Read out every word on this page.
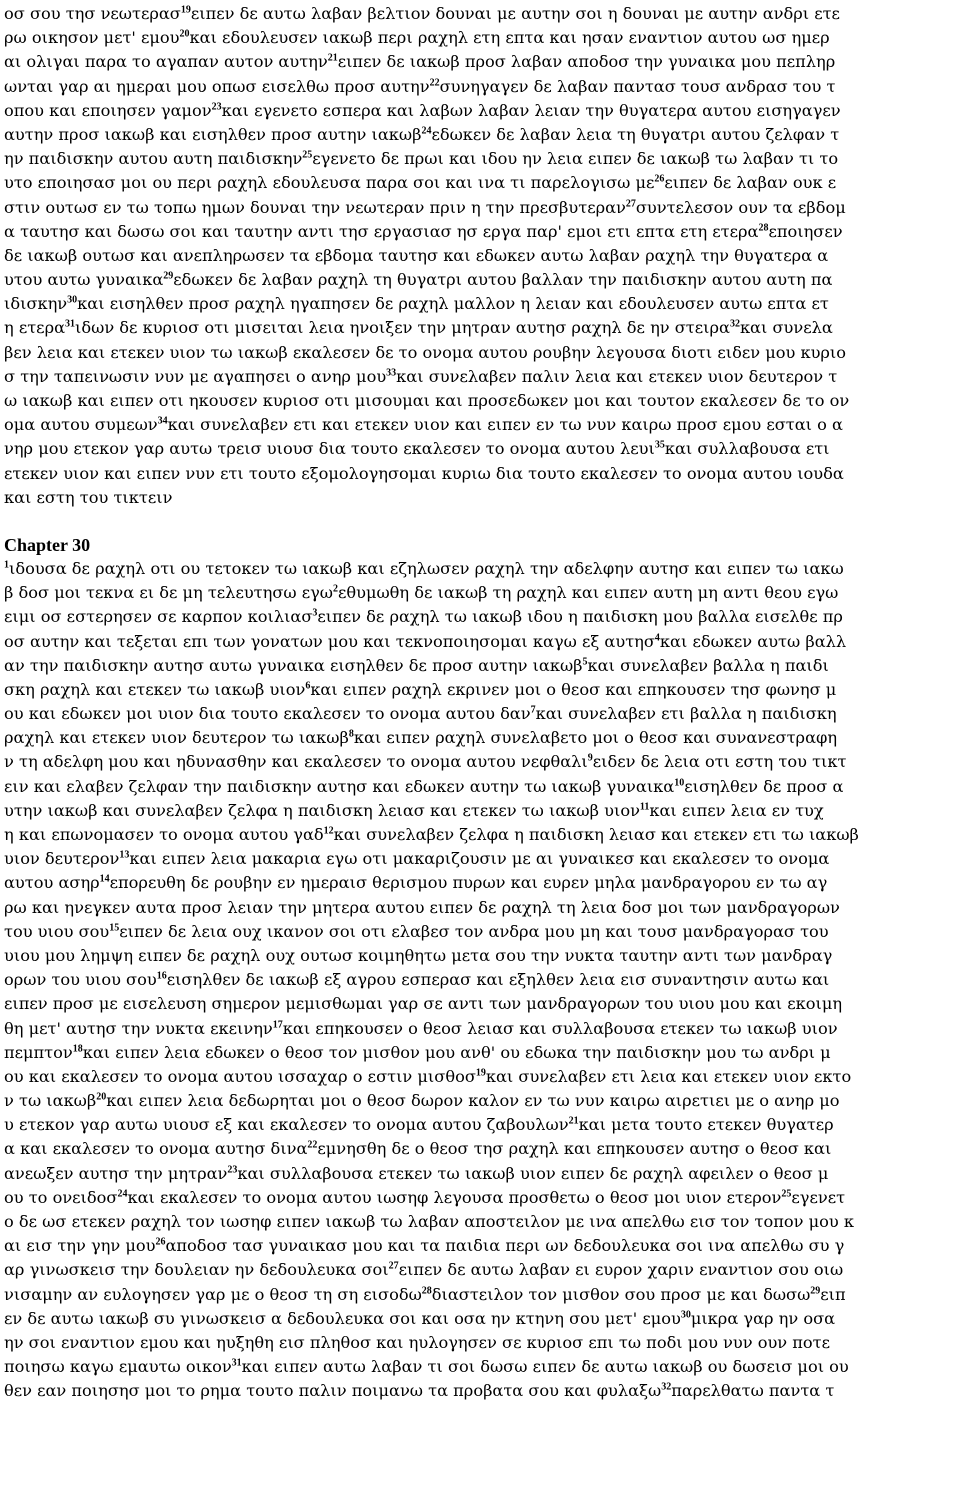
οσ σου τησ νεωτερασ$^{19}$ειπεν δε αυτω λαβαν βελτιον δουναι με αυτην σοι η δουναι με αυτην ανδρι ετε
ρω οικησον μετ' εμου$^{20}$και εδουλευσεν ιακωβ περι ραχηλ ετη επτα και ησαν εναντιον αυτου ωσ ημερ
αι ολιγαι παρα το αγαπαν αυτον αυτην$^{21}$ειπεν δε ιακωβ προσ λαβαν αποδοσ την γυναικα μου πεπληρ
ωνται γαρ αι ημεραι μου οπωσ εισελθω προσ αυτην$^{22}$συνηγαγεν δε λαβαν παντασ τουσ ανδρασ του τ
οπου και εποιησεν γαμον$^{23}$και εγενετο εσπερα και λαβων λαβαν λειαν την θυγατερα αυτου εισηγαγεν
αυτην προσ ιακωβ και εισηλθεν προσ αυτην ιακωβ$^{24}$εδωκεν δε λαβαν λεια τη θυγατρι αυτου ζελφαν τ
ην παιδισκην αυτου αυτη παιδισκην$^{25}$εγενετο δε πρωι και ιδου ην λεια ειπεν δε ιακωβ τω λαβαν τι το
υτο εποιησασ μοι ου περι ραχηλ εδουλευσα παρα σοι και ινα τι παρελογισω $\mu\varepsilon^{26}\varepsilon\iota\pi\varepsilon\nu$ δε λαβαν ουκ ε
στιν ουτωσ εν τω τοπω ημων δουναι την νεωτεραν πριν η την πρεσβυτεραν$^{27}$συντελεσον ουν τα εβδομ
α ταυτησ και δωσω σοι και ταυτην αντι τησ εργασιασ ησ εργα παρ' εμοι ετι επτα ετη ετερα$^{28}$εποιησεν
δε ιακωβ ουτωσ και ανεπληρωσεν τα εβδομα ταυτησ και εδωκεν αυτω λαβαν ραχηλ την θυγατερα α
υτου αυτω γυναικα$^{29}$εδωκεν δε λαβαν ραχηλ τη θυγατρι αυτου βαλλαν την παιδισκην αυτου αυτη πα
ιδισκην$^{30}$και εισηλθεν προσ ραχηλ ηγαπησεν δε ραχηλ μαλλον η λειαν και εδουλευσεν αυτω επτα ετ
η ετερα$^{31}$ιδων δε κυριοσ οτι μισειται λεια ηνοιξεν την μητραν αυτησ ραχηλ δε ην στειρα$^{32}$και συνελα
βεν λεια και ετεκεν υιον τω ιακωβ εκαλεσεν δε το ονομα αυτου ρουβην λεγουσα διοτι ειδεν μου κυριο
σ την ταπεινωσιν νυν με αγαπησει ο ανηρ μου$^{33}$και συνελαβεν παλιν λεια και ετεκεν υιον δευτερον τ
ω ιακωβ και ειπεν οτι ηκουσεν κυριοσ οτι μισουμαι και προσεδωκεν μοι και τουτον εκαλεσεν δε το ον
ομα αυτου συμεων$^{34}$και συνελαβεν ετι και ετεκεν υιον και ειπεν εν τω νυν καιρω προσ εμου εσται ο α
νηρ μου ετεκον γαρ αυτω τρεισ υιουσ δια τουτο εκαλεσεν το ονομα αυτου λευι$^{35}$και συλλαβουσα ετι
ετεκεν υιον και ειπεν νυν ετι τουτο εξομολογησομαι κυριω δια τουτο εκαλεσεν το ονομα αυτου ιουδα
και εστη του τικτειν
Chapter 30
$^1$ιδουσα δε ραχηλ οτι ου τετοκεν τω ιακωβ και εζηλωσεν ραχηλ την αδελφην αυτησ και ειπεν τω ιακω
β δοσ μοι τεκνα ει δε μη τελευτησω εγω$^2$εθυμωθη δε ιακωβ τη ραχηλ και ειπεν αυτη μη αντι θεου εγω
ειμι οσ εστερησεν σε καρπον κοιλιασ$^3$ειπεν δε ραχηλ τω ιακωβ ιδου η παιδισκη μου βαλλα εισελθε πρ
οσ αυτην και τεξεται επι των γονατων μου και τεκνοποιησομαι καγω εξ αυτησ$^4$και εδωκεν αυτω βαλλ
αν την παιδισκην αυτησ αυτω γυναικα εισηλθεν δε προσ αυτην ιακωβ$^5$και συνελαβεν βαλλα η παιδι
σκη ραχηλ και ετεκεν τω ιακωβ υιον$^6$και ειπεν ραχηλ εκρινεν μοι ο θεοσ και επηκουσεν τησ φωνησ μ
ου και εδωκεν μοι υιον δια τουτο εκαλεσεν το ονομα αυτου δαν$^7$και συνελαβεν ετι βαλλα η παιδισκη
ραχηλ και ετεκεν υιον δευτερον τω ιακωβ$^8$και ειπεν ραχηλ συνελαβετο μοι ο θεοσ και συνανεστραφη
ν τη αδελφη μου και ηδυνασθην και εκαλεσεν το ονομα αυτου νεφθαλι$^9$ειδεν δε λεια οτι εστη του τικτ
ειν και ελαβεν ζελφαν την παιδισκην αυτησ και εδωκεν αυτην τω ιακωβ γυναικα$^{10}$εισηλθεν δε προσ α
υτην ιακωβ και συνελαβεν ζελφα η παιδισκη λειασ και ετεκεν τω ιακωβ υιον$^{11}$και ειπεν λεια εν τυχ
η και επωνομασεν το ονομα αυτου γαδ$^{12}$και συνελαβεν ζελφα η παιδισκη λειασ και ετεκεν ετι τω ιακωβ
υιον δευτερον$^{13}$και ειπεν λεια μακαρια εγω οτι μακαριζουσιν με αι γυναικεσ και εκαλεσεν το ονομα
αυτου ασηρ$^{14}$επορευθη δε ρουβην εν ημεραισ θερισμου πυρων και ευρεν μηλα μανδραγορου εν τω αγ
ρω και ηνεγκεν αυτα προσ λειαν την μητερα αυτου ειπεν δε ραχηλ τη λεια δοσ μοι των μανδραγορων
του υιου σου$^{15}$ειπεν δε λεια ουχ ικανον σοι οτι ελαβεσ τον ανδρα μου μη και τουσ μανδραγορασ του
υιου μου λημψη ειπεν δε ραχηλ ουχ ουτωσ κοιμηθητω μετα σου την νυκτα ταυτην αντι των μανδραγ
ορων του υιου σου$^{16}$εισηλθεν δε ιακωβ εξ αγρου εσπερασ και εξηλθεν λεια εισ συναντησιν αυτω και
ειπεν προσ με εισελευση σημερον μεμισθωμαι γαρ σε αντι των μανδραγορων του υιου μου και εκοιμη
θη μετ' αυτησ την νυκτα εκεινην$^{17}$και επηκουσεν ο θεοσ λειασ και συλλαβουσα ετεκεν τω ιακωβ υιον
πεμπτον$^{18}$και ειπεν λεια εδωκεν ο θεοσ τον μισθον μου ανθ' ου εδωκα την παιδισκην μου τω ανδρι μ
ου και εκαλεσεν το ονομα αυτου ισσαχαρ ο εστιν μισθοσ$^{19}$και συνελαβεν ετι λεια και ετεκεν υιον εκτο
ν τω ιακωβ$^{20}$και ειπεν λεια δεδωρηται μοι ο θεοσ δωρον καλον εν τω νυν καιρω αιρετιει με ο ανηρ μο
υ ετεκον γαρ αυτω υιουσ εξ και εκαλεσεν το ονομα αυτου ζαβουλων$^{21}$και μετα τουτο ετεκεν θυγατερ
α και εκαλεσεν το ονομα αυτησ δινα$^{22}$εμνησθη δε ο θεοσ τησ ραχηλ και επηκουσεν αυτησ ο θεοσ και
ανεωξεν αυτησ την μητραν$^{23}$και συλλαβουσα ετεκεν τω ιακωβ υιον ειπεν δε ραχηλ αφειλεν ο θεοσ μ
ου το ονειδοσ$^{24}$και εκαλεσεν το ονομα αυτου ιωσηφ λεγουσα προσθετω ο θεοσ μοι υιον ετερον$^{25}$εγενετ
ο δε ωσ ετεκεν ραχηλ τον ιωσηφ ειπεν ιακωβ τω λαβαν αποστειλον με ινα απελθω εισ τον τοπον μου κ
αι εισ την γην μου$^{26}$αποδοσ τασ γυναικασ μου και τα παιδια περι ων δεδουλευκα σοι ινα απελθω συ γ
αρ γινωσκεισ την δουλειαν ην δεδουλευκα σοι$^{27}$ειπεν δε αυτω λαβαν ει ευρον χαριν εναντιον σου οιω
νισαμην αν ευλογησεν γαρ με ο θεοσ τη ση εισοδω$^{28}$διαστειλον τον μισθον σου προσ με και δωσω$^{29}$ειπ
εν δε αυτω ιακωβ συ γινωσκεισ α δεδουλευκα σοι και οσα ην κτηνη σου μετ' εμου$^{30}$μικρα γαρ ην οσα
ην σοι εναντιον εμου και ηυξηθη εισ πληθοσ και ηυλογησεν σε κυριοσ επι τω ποδι μου νυν ουν ποτε
ποιησω καγω εμαυτω οικον$^{31}$και ειπεν αυτω λαβαν τι σοι δωσω ειπεν δε αυτω ιακωβ ου δωσεισ μοι ου
θεν εαν ποιησησ μοι το ρημα τουτο παλιν ποιμανω τα προβατα σου και φυλαξω$^{32}$παρελθατω παντα τ
